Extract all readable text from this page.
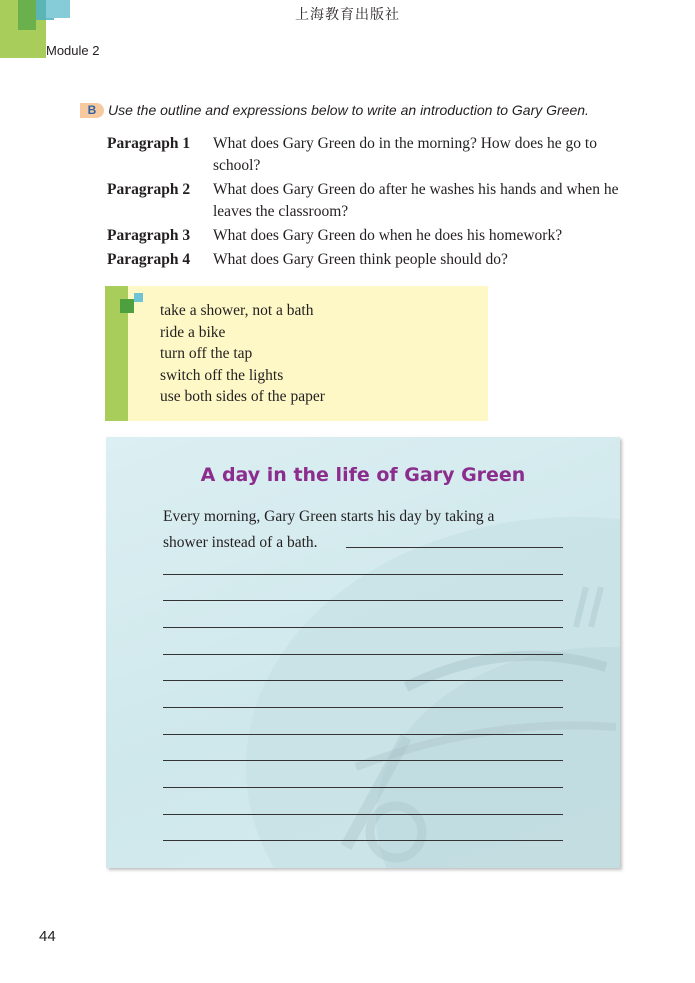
上海教育出版社
Module 2
B Use the outline and expressions below to write an introduction to Gary Green.
Paragraph 1	What does Gary Green do in the morning? How does he go to school?
Paragraph 2	What does Gary Green do after he washes his hands and when he leaves the classroom?
Paragraph 3	What does Gary Green do when he does his homework?
Paragraph 4	What does Gary Green think people should do?
take a shower, not a bath
ride a bike
turn off the tap
switch off the lights
use both sides of the paper
A day in the life of Gary Green
Every morning, Gary Green starts his day by taking a
shower instead of a bath.
44
